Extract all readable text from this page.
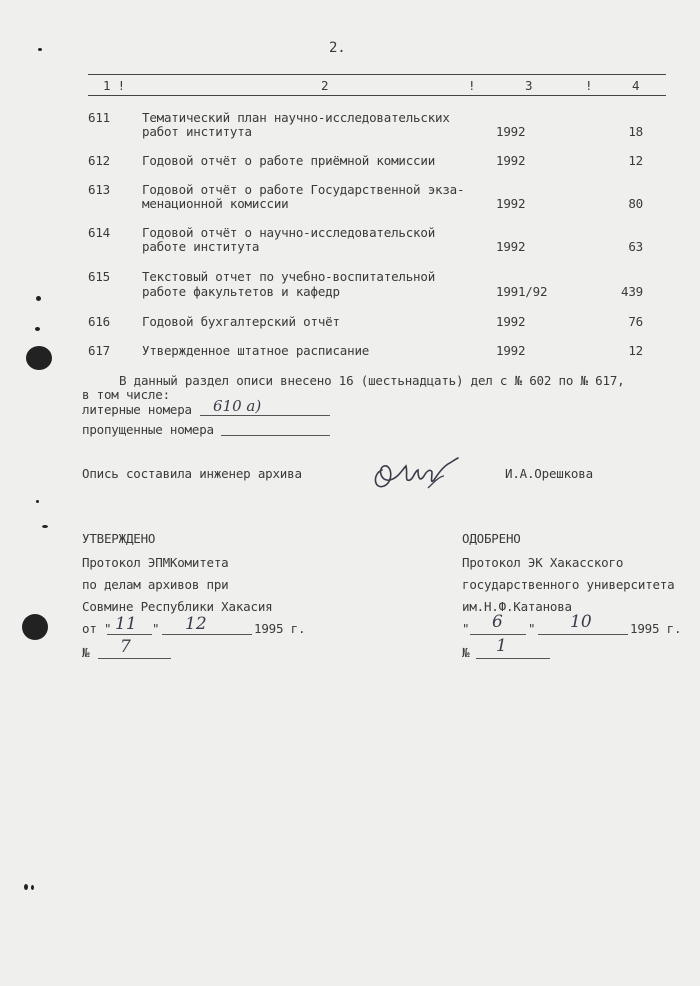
2.
1 !	2	!	3	!	4
611	Тематический план научно-исследовательских
работ института	1992	18
612	Годовой отчёт о работе приёмной комиссии	1992	12
613	Годовой отчёт о работе Государственной экза-
менационной комиссии	1992	80
614	Годовой отчёт о научно-исследовательской
работе института	1992	63
615	Текстовый отчет по учебно-воспитательной
работе факультетов и кафедр	1991/92	439
616	Годовой бухгалтерский отчёт	1992	76
617	Утвержденное штатное расписание	1992	12
В данный раздел описи внесено 16 (шестьнадцать) дел с № 602 по № 617,
в том числе:
литерные номера 610 а)
пропущенные номера
Опись составила инженер архива	И.А.Орешкова
УТВЕРЖДЕНО
Протокол ЭПМКомитета
по делам архивов при
Совмине Республики Хакасия
от " 11 " 12	1995 г.
№ 7
ОДОБРЕНО
Протокол ЭК Хакасского
государственного университета
им.Н.Ф.Катанова
" 6 " 10	1995 г.
№ 1
